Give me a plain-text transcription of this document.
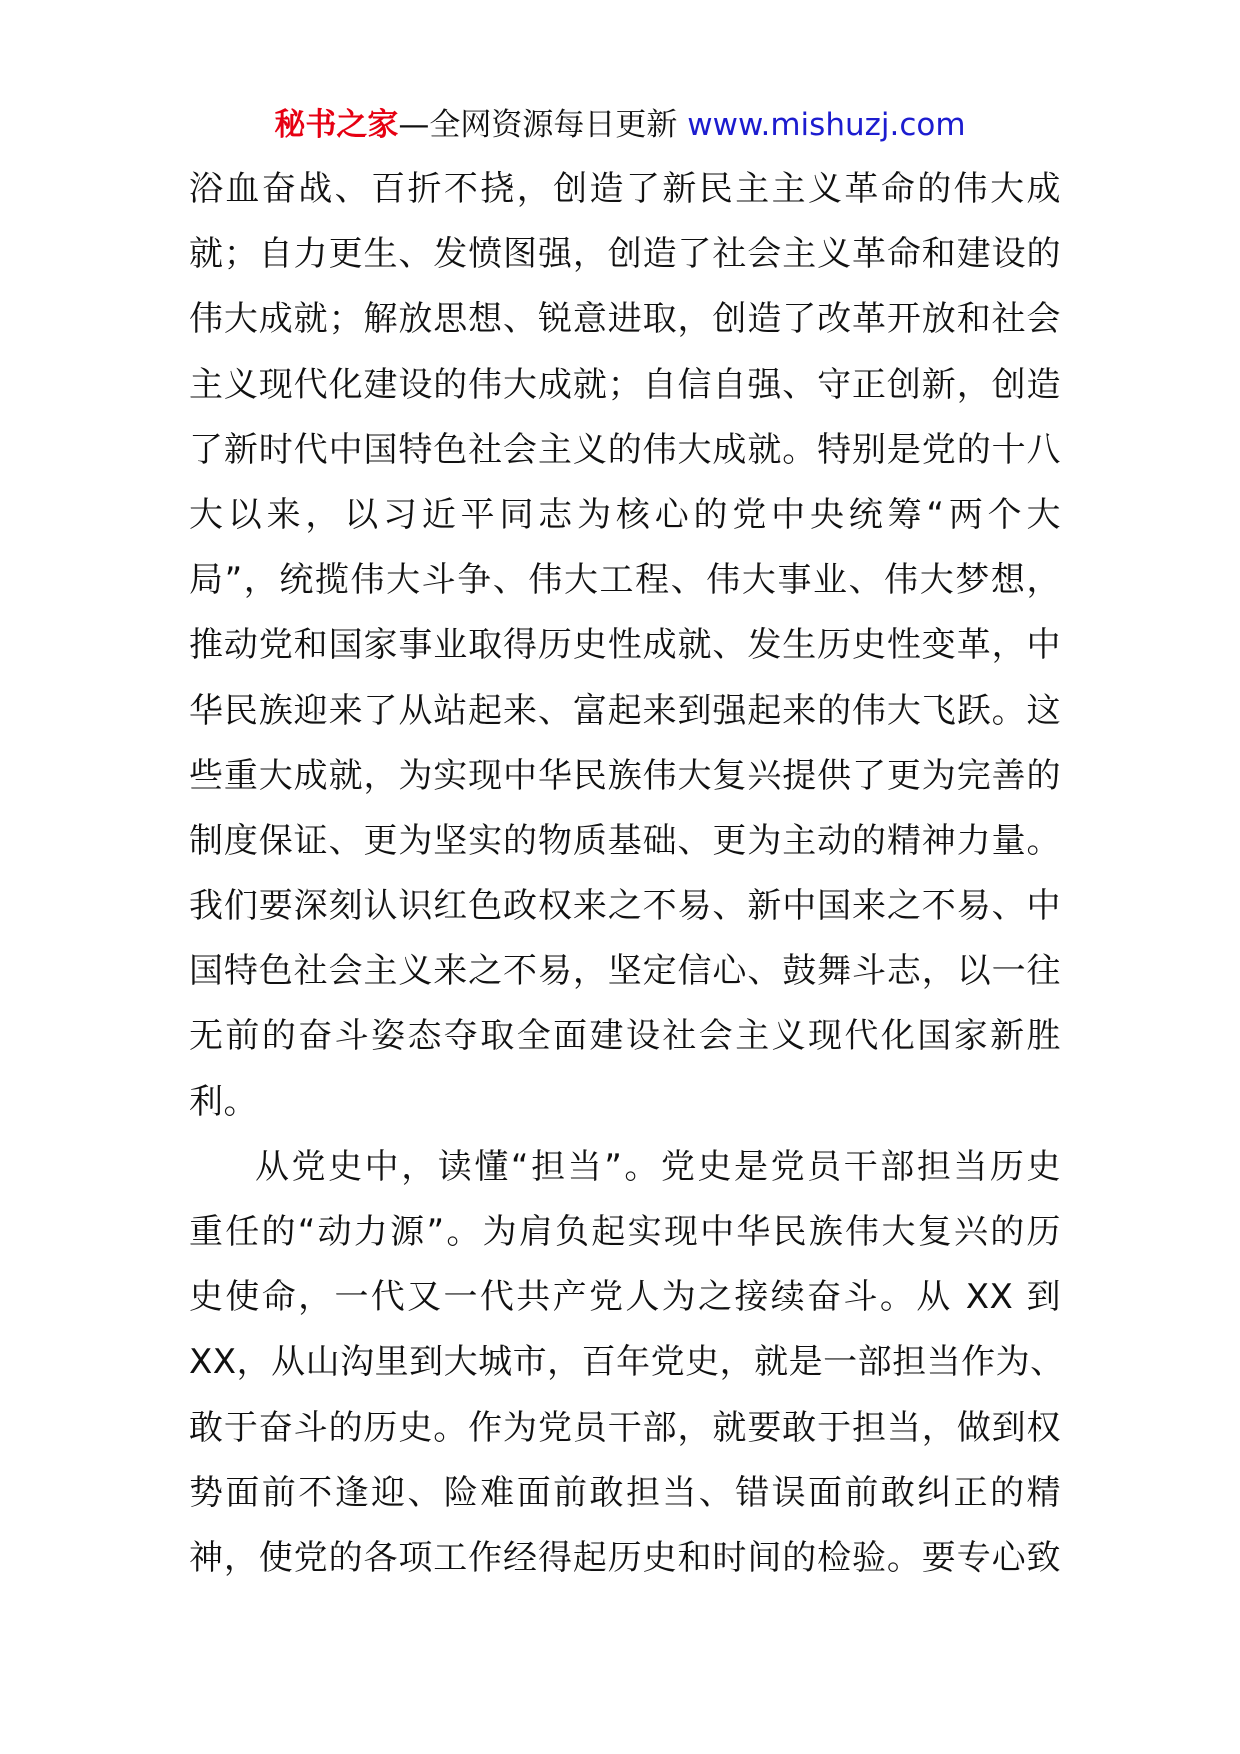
秘书之家—全网资源每日更新 www.mishuzj.com
浴血奋战、百折不挠，创造了新民主主义革命的伟大成
就；自力更生、发愤图强，创造了社会主义革命和建设的
伟大成就；解放思想、锐意进取，创造了改革开放和社会
主义现代化建设的伟大成就；自信自强、守正创新，创造
了新时代中国特色社会主义的伟大成就。特别是党的十八
大以来，以习近平同志为核心的党中央统筹“两个大
局”，统揽伟大斗争、伟大工程、伟大事业、伟大梦想，
推动党和国家事业取得历史性成就、发生历史性变革，中
华民族迎来了从站起来、富起来到强起来的伟大飞跃。这
些重大成就，为实现中华民族伟大复兴提供了更为完善的
制度保证、更为坚实的物质基础、更为主动的精神力量。
我们要深刻认识红色政权来之不易、新中国来之不易、中
国特色社会主义来之不易，坚定信心、鼓舞斗志，以一往
无前的奋斗姿态夺取全面建设社会主义现代化国家新胜
利。
从党史中，读懂“担当”。党史是党员干部担当历史
重任的“动力源”。为肩负起实现中华民族伟大复兴的历
史使命，一代又一代共产党人为之接续奋斗。从 XX 到
XX，从山沟里到大城市，百年党史，就是一部担当作为、
敢于奋斗的历史。作为党员干部，就要敢于担当，做到权
势面前不逢迎、险难面前敢担当、错误面前敢纠正的精
神，使党的各项工作经得起历史和时间的检验。要专心致
